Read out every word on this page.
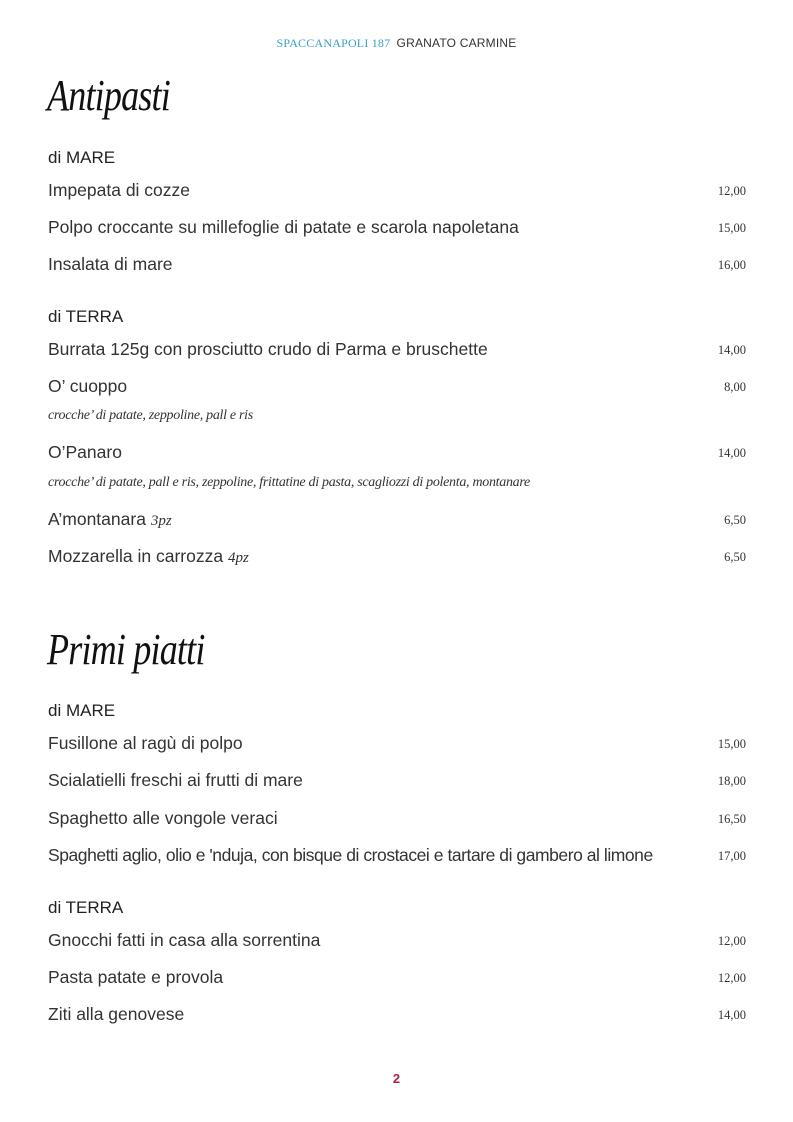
SPACCANAPOLI 187 GRANATO CARMINE
Antipasti
di MARE
Impepata di cozze	12,00
Polpo croccante su millefoglie di patate e scarola napoletana	15,00
Insalata di mare	16,00
di TERRA
Burrata 125g con prosciutto crudo di Parma e bruschette	14,00
O’ cuoppo	8,00
crocche’ di patate, zeppoline, pall e ris
O’Panaro	14,00
crocche’ di patate, pall e ris, zeppoline, frittatine di pasta, scagliozzi di polenta, montanare
A’montanara 3pz	6,50
Mozzarella in carrozza 4pz	6,50
Primi piatti
di MARE
Fusillone al ragù di polpo	15,00
Scialatielli freschi ai frutti di mare	18,00
Spaghetto alle vongole veraci	16,50
Spaghetti aglio, olio e 'nduja, con bisque di crostacei e tartare di gambero al limone	17,00
di TERRA
Gnocchi fatti in casa alla sorrentina	12,00
Pasta patate e provola	12,00
Ziti alla genovese	14,00
2
